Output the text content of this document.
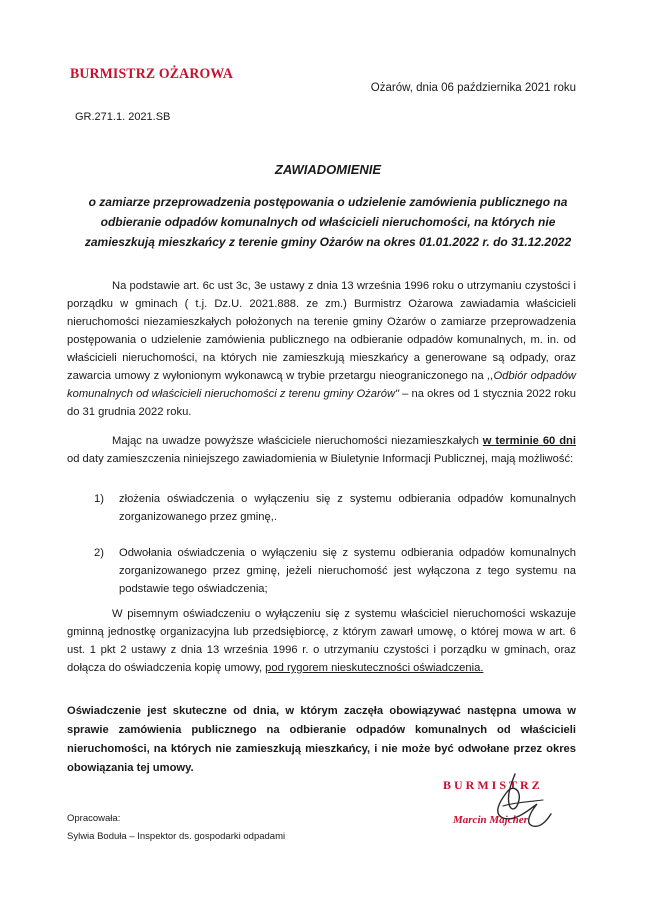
BURMISTRZ OŻAROWA
Ożarów, dnia 06 października 2021 roku
GR.271.1. 2021.SB
ZAWIADOMIENIE
o zamiarze przeprowadzenia postępowania o udzielenie zamówienia publicznego na odbieranie odpadów komunalnych od właścicieli nieruchomości, na których nie zamieszkują mieszkańcy z terenie gminy Ożarów na okres 01.01.2022 r. do 31.12.2022

Na podstawie art. 6c ust 3c, 3e ustawy z dnia 13 września 1996 roku o utrzymaniu czystości i porządku w gminach ( t.j. Dz.U. 2021.888. ze zm.) Burmistrz Ożarowa zawiadamia właścicieli nieruchomości niezamieszkałych położonych na terenie gminy Ożarów o zamiarze przeprowadzenia postępowania o udzielenie zamówienia publicznego na odbieranie odpadów komunalnych, m. in. od właścicieli nieruchomości, na których nie zamieszkują mieszkańcy a generowane są odpady, oraz zawarcia umowy z wyłonionym wykonawcą w trybie przetargu nieograniczonego na ,,Odbiór odpadów komunalnych od właścicieli nieruchomości z terenu gminy Ożarów" – na okres od 1 stycznia 2022 roku do 31 grudnia 2022 roku.

Mając na uwadze powyższe właściciele nieruchomości niezamieszkałych w terminie 60 dni od daty zamieszczenia niniejszego zawiadomienia w Biuletynie Informacji Publicznej, mają możliwość:

1) złożenia oświadczenia o wyłączeniu się z systemu odbierania odpadów komunalnych zorganizowanego przez gminę,.
2) Odwołania oświadczenia o wyłączeniu się z systemu odbierania odpadów komunalnych zorganizowanego przez gminę, jeżeli nieruchomość jest wyłączona z tego systemu na podstawie tego oświadczenia;

W pisemnym oświadczeniu o wyłączeniu się z systemu właściciel nieruchomości wskazuje gminną jednostkę organizacyjna lub przedsiębiorcę, z którym zawarł umowę, o której mowa w art. 6 ust. 1 pkt 2 ustawy z dnia 13 września 1996 r. o utrzymaniu czystości i porządku w gminach, oraz dołącza do oświadczenia kopię umowy, pod rygorem nieskuteczności oświadczenia.

Oświadczenie jest skuteczne od dnia, w którym zaczęła obowiązywać następna umowa w sprawie zamówienia publicznego na odbieranie odpadów komunalnych od właścicieli nieruchomości, na których nie zamieszkują mieszkańcy, i nie może być odwołane przez okres obowiązania tej umowy.
BURMISTRZ
Marcin Majcher
Opracowała:
Sylwia Boduła – Inspektor ds. gospodarki odpadami
